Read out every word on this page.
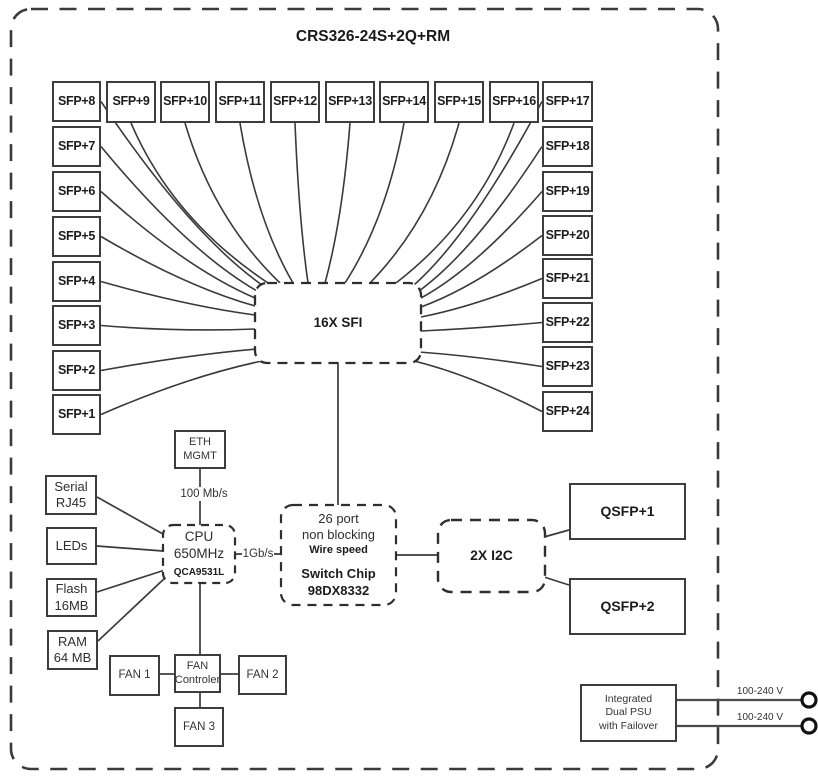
CRS326-24S+2Q+RM
SFP+8
SFP+7
SFP+6
SFP+5
SFP+4
SFP+3
SFP+2
SFP+1
SFP+9	SFP+10 SFP+11 SFP+12 SFP+13 SFP+14 SFP+15 SFP+16 SFP+17
SFP+18
SFP+19
SFP+20
SFP+21
SFP+22
SFP+23
SFP+24
16X SFI
ETH
MGMT
100 Mb/s
CPU
650MHz
QCA9531L
1Gb/s
Serial
RJ45
LEDs
Flash
16MB
RAM
64 MB
26 port
non blocking
Wire speed
Switch Chip
98DX8332
2X I2C
QSFP+1
QSFP+2
FAN 1
FAN
Controler	FAN 2
FAN 3
Integrated
Dual PSU
with Failover
100-240 V
100-240 V
